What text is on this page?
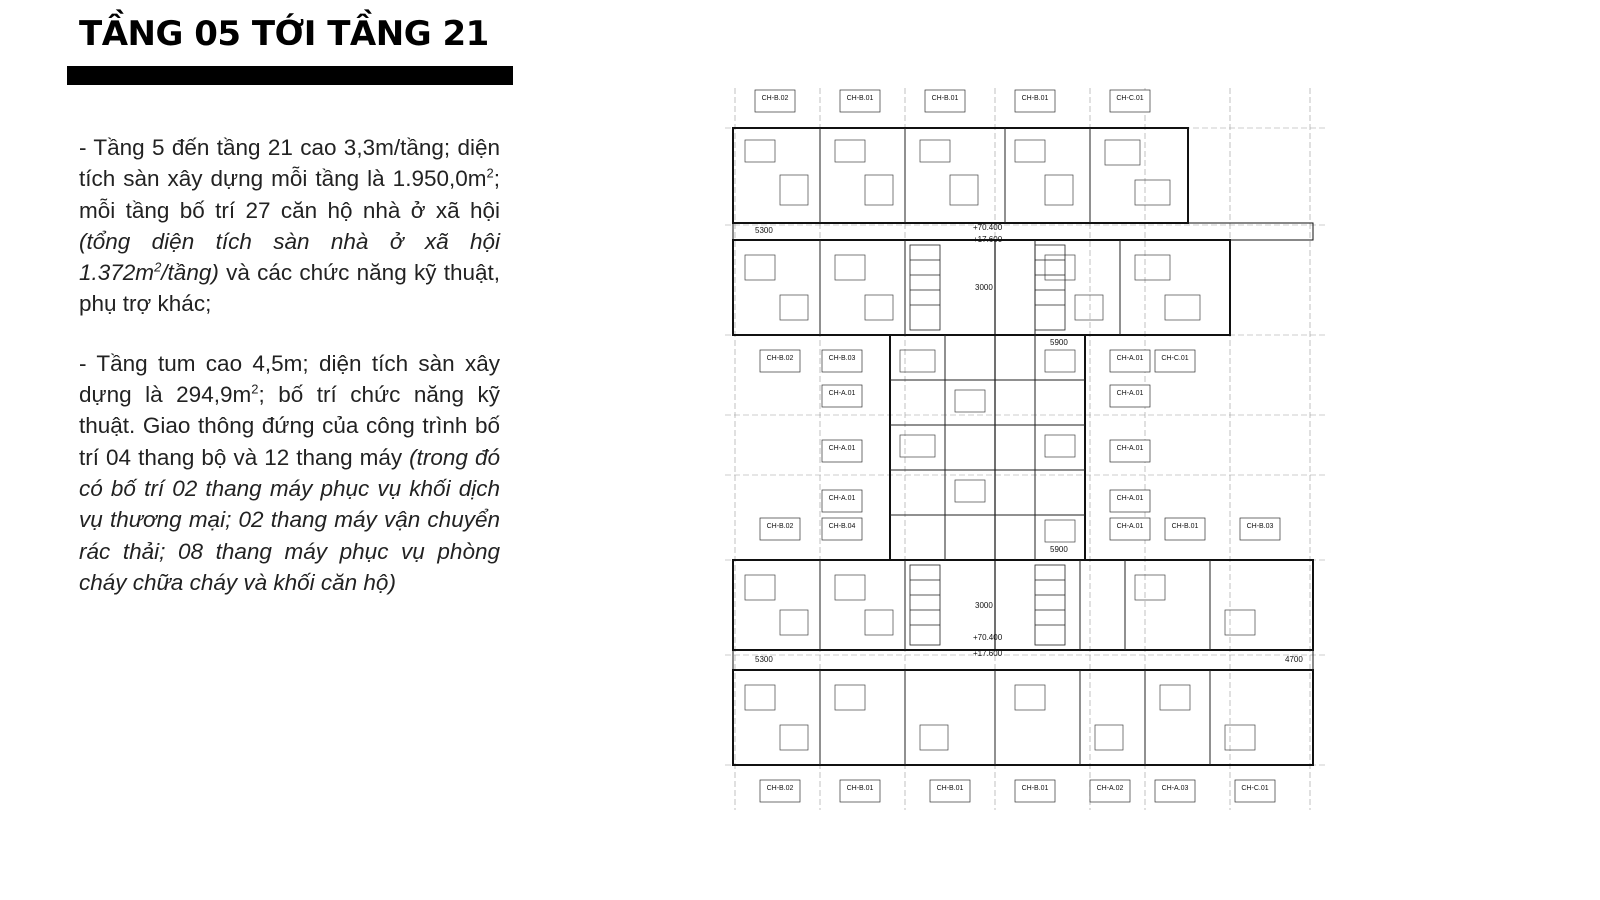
TẦNG 05 TỚI TẦNG 21

- Tầng 5 đến tầng 21 cao 3,3m/tầng; diện tích sàn xây dựng mỗi tầng là $1.950,0m^2$; mỗi tầng bố trí 27 căn hộ nhà ở xã hội (tổng diện tích sàn nhà ở xã hội $1.372m^2/tầng$) và các chức năng kỹ thuật, phụ trợ khác;

- Tầng tum cao 4,5m; diện tích sàn xây dựng là $294,9m^2$; bố trí chức năng kỹ thuật. Giao thông đứng của công trình bố trí 04 thang bộ và 12 thang máy (trong đó có bố trí 02 thang máy phục vụ khối dịch vụ thương mại; 02 thang máy vận chuyển rác thải; 08 thang máy phục vụ phòng cháy chữa cháy và khối căn hộ)

CH-B.02	CH-B.01	CH-B.01	CH-B.01	CH-C.01
CH-B.02	CH-B.01	CH-B.01	CH-B.01	CH-A.02	CH-A.03	CH-C.01
CH-B.02	CH-B.03	CH-A.01	CH-C.01
CH-B.02	CH-B.04	CH-A.01	CH-B.01	CH-B.03
CH-A.01
CH-A.01
CH-A.01
CH-A.01
CH-A.01
CH-A.01
5300
5300
5900
5900
3000
3000
4700
+70.400
+17.600
+70.400
+17.600
